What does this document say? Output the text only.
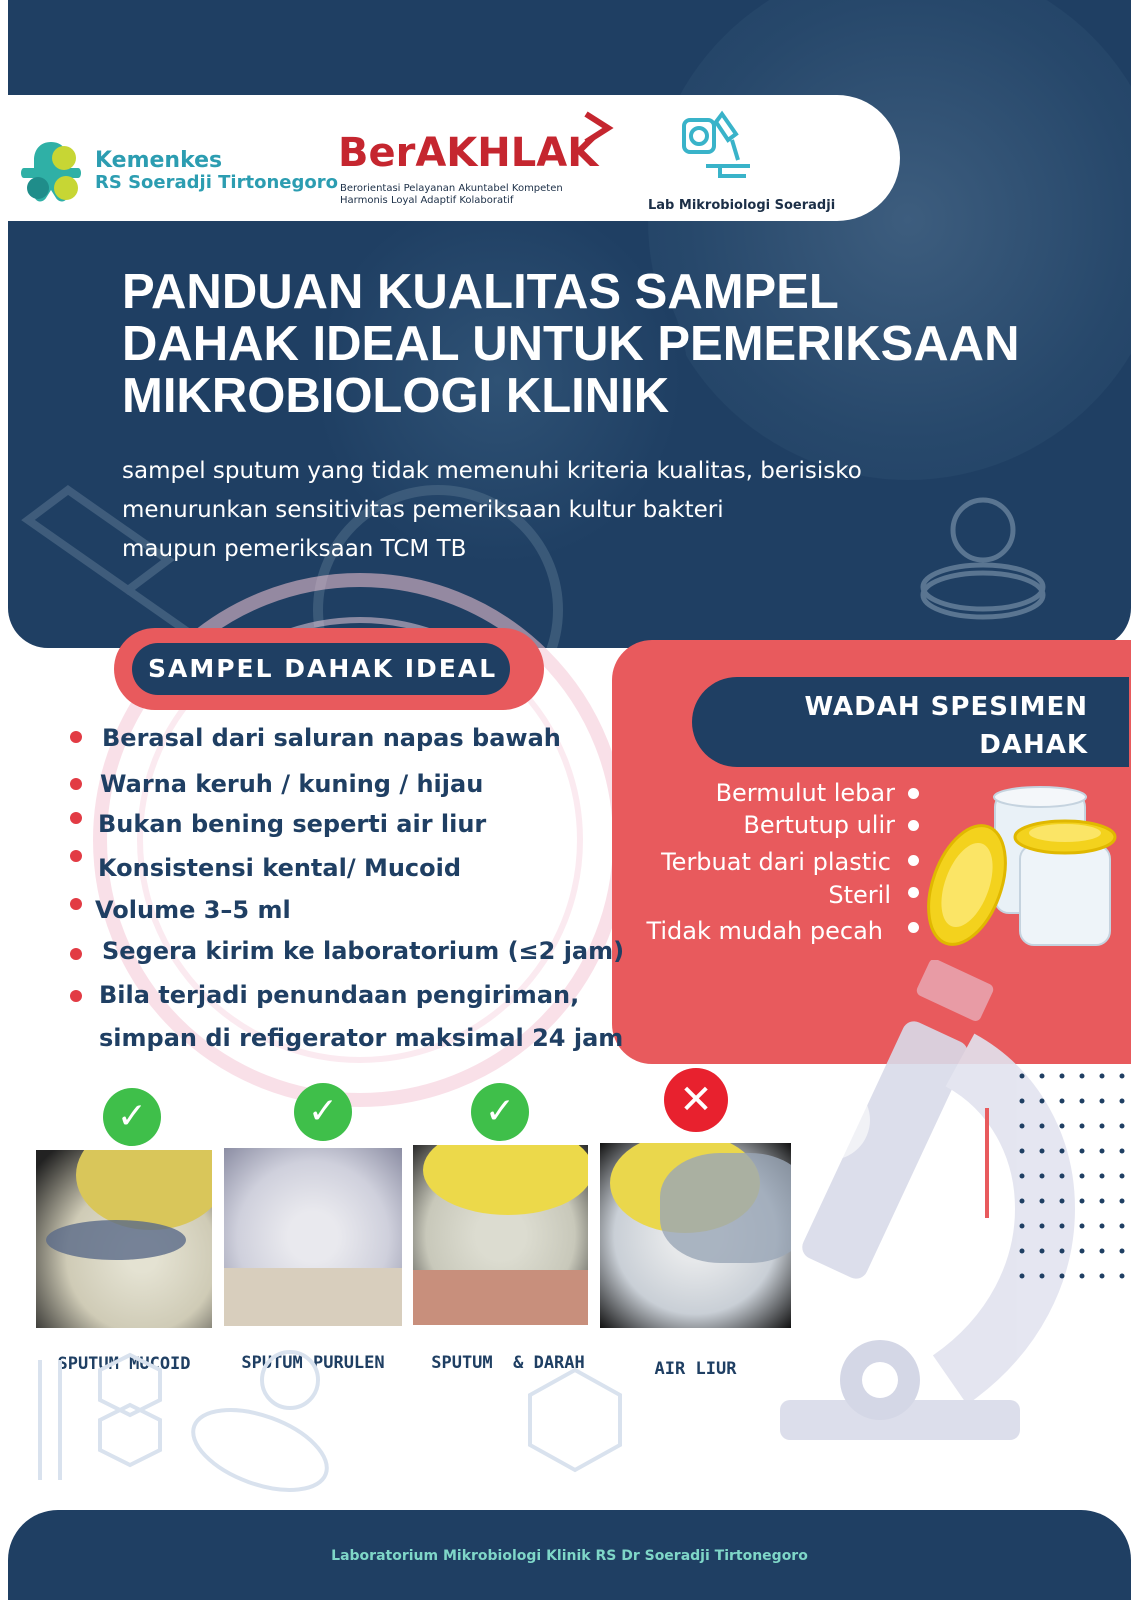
Kemenkes
RS Soeradji Tirtonegoro
BerAKHLAK
Berorientasi Pelayanan Akuntabel Kompeten
Harmonis Loyal Adaptif Kolaboratif	Lab Mikrobiologi Soeradji
PANDUAN KUALITAS SAMPEL
DAHAK IDEAL UNTUK PEMERIKSAAN
MIKROBIOLOGI KLINIK
sampel sputum yang tidak memenuhi kriteria kualitas, berisisko
menurunkan sensitivitas pemeriksaan kultur bakteri
maupun pemeriksaan TCM TB
WADAH SPESIMEN
DAHAK
Bermulut lebar
Bertutup ulir
Terbuat dari plastic
Steril
Tidak mudah pecah
SAMPEL DAHAK IDEAL
Berasal dari saluran napas bawah
Warna keruh / kuning / hijau
Bukan bening seperti air liur
Konsistensi kental/ Mucoid
Volume 3–5 ml
Segera kirim ke laboratorium (≤2 jam)
Bila terjadi penundaan pengiriman,
simpan di refigerator maksimal 24 jam
✓	✓	✓	✕
SPUTUM MUCOID	SPUTUM PURULEN	SPUTUM  & DARAH	AIR LIUR
Laboratorium Mikrobiologi Klinik RS Dr Soeradji Tirtonegoro
